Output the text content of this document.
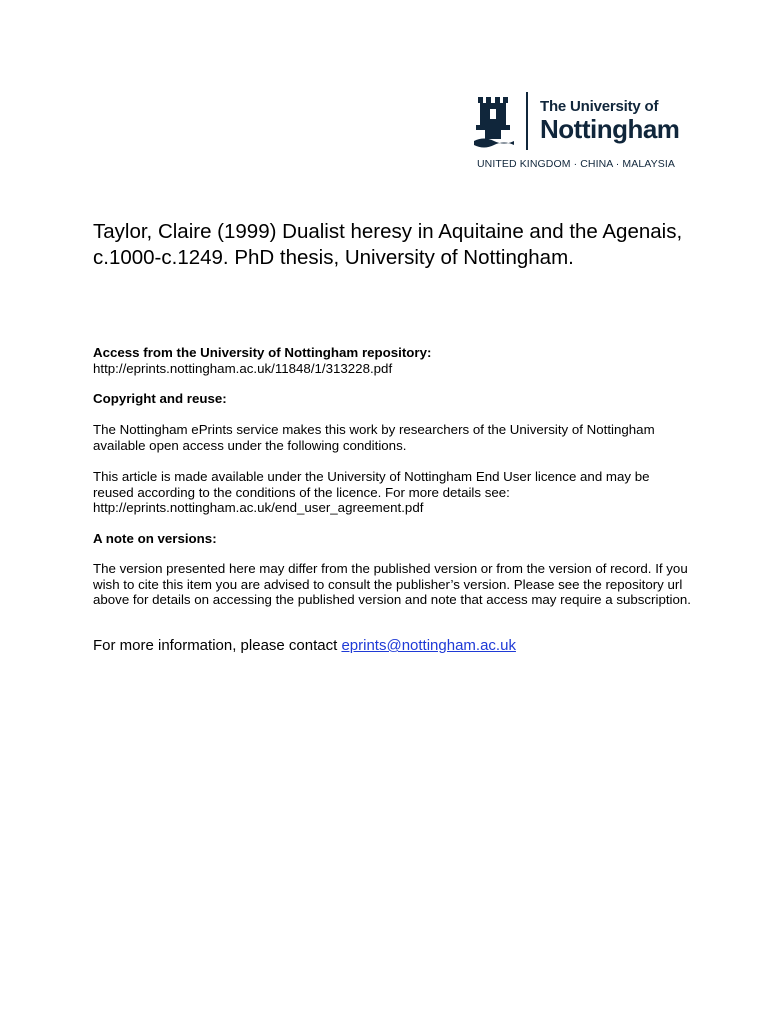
The University of
Nottingham
UNITED KINGDOM · CHINA · MALAYSIA
Taylor, Claire (1999) Dualist heresy in Aquitaine and the Agenais, c.1000-c.1249. PhD thesis, University of Nottingham.
Access from the University of Nottingham repository:
http://eprints.nottingham.ac.uk/11848/1/313228.pdf
Copyright and reuse:
The Nottingham ePrints service makes this work by researchers of the University of Nottingham available open access under the following conditions.
This article is made available under the University of Nottingham End User licence and may be reused according to the conditions of the licence. For more details see:
http://eprints.nottingham.ac.uk/end_user_agreement.pdf
A note on versions:
The version presented here may differ from the published version or from the version of record. If you wish to cite this item you are advised to consult the publisher’s version. Please see the repository url above for details on accessing the published version and note that access may require a subscription.
For more information, please contact eprints@nottingham.ac.uk
